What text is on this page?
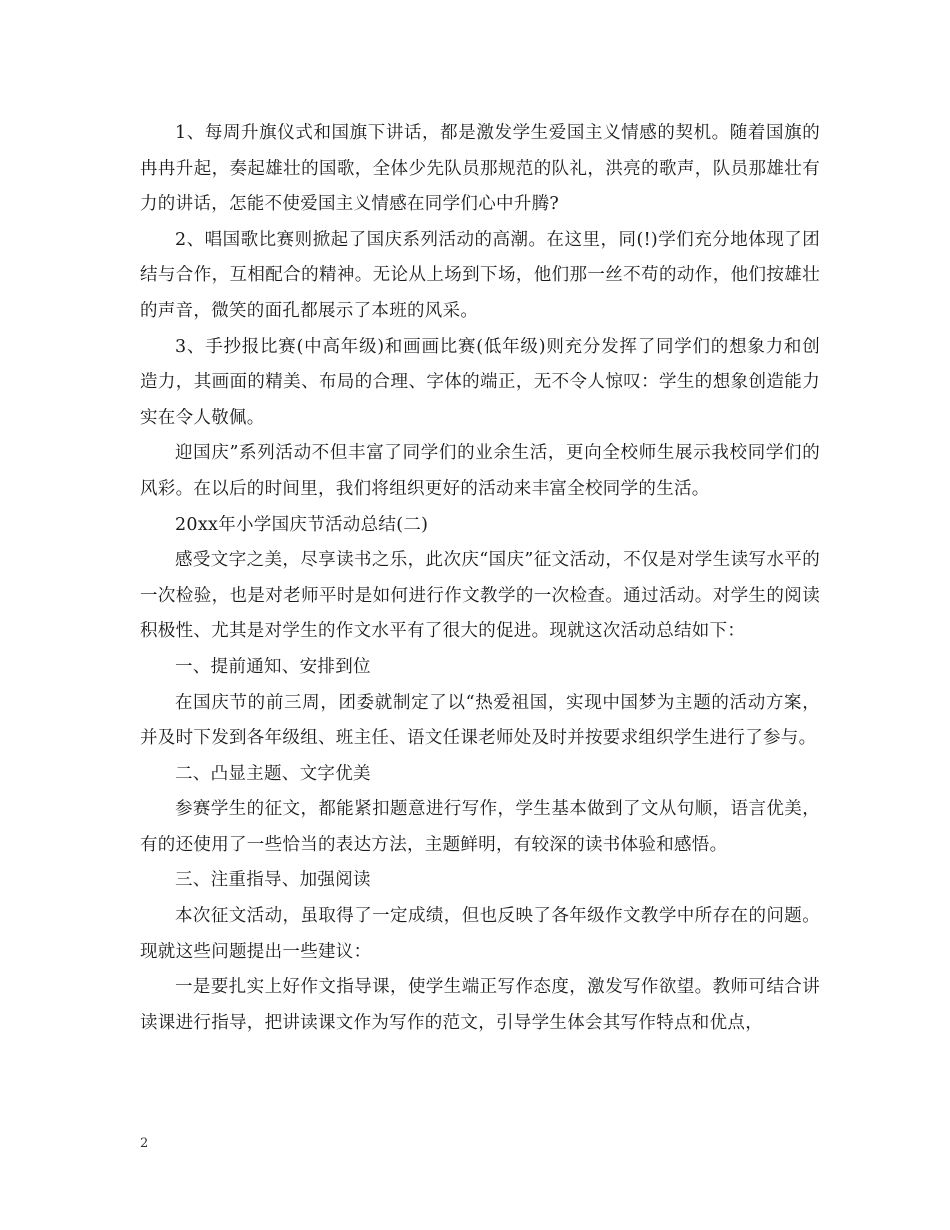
1、每周升旗仪式和国旗下讲话，都是激发学生爱国主义情感的契机。随着国旗的冉冉升起，奏起雄壮的国歌，全体少先队员那规范的队礼，洪亮的歌声，队员那雄壮有力的讲话，怎能不使爱国主义情感在同学们心中升腾?

2、唱国歌比赛则掀起了国庆系列活动的高潮。在这里，同(!)学们充分地体现了团结与合作，互相配合的精神。无论从上场到下场，他们那一丝不苟的动作，他们按雄壮的声音，微笑的面孔都展示了本班的风采。

3、手抄报比赛(中高年级)和画画比赛(低年级)则充分发挥了同学们的想象力和创造力，其画面的精美、布局的合理、字体的端正，无不令人惊叹：学生的想象创造能力实在令人敬佩。

迎国庆”系列活动不但丰富了同学们的业余生活，更向全校师生展示我校同学们的风彩。在以后的时间里，我们将组织更好的活动来丰富全校同学的生活。

20xx年小学国庆节活动总结(二)

感受文字之美，尽享读书之乐，此次庆“国庆”征文活动，不仅是对学生读写水平的一次检验，也是对老师平时是如何进行作文教学的一次检查。通过活动。对学生的阅读积极性、尤其是对学生的作文水平有了很大的促进。现就这次活动总结如下：

一、提前通知、安排到位

在国庆节的前三周，团委就制定了以“热爱祖国，实现中国梦为主题的活动方案，并及时下发到各年级组、班主任、语文任课老师处及时并按要求组织学生进行了参与。

二、凸显主题、文字优美

参赛学生的征文，都能紧扣题意进行写作，学生基本做到了文从句顺，语言优美，有的还使用了一些恰当的表达方法，主题鲜明，有较深的读书体验和感悟。

三、注重指导、加强阅读

本次征文活动，虽取得了一定成绩，但也反映了各年级作文教学中所存在的问题。现就这些问题提出一些建议：

一是要扎实上好作文指导课，使学生端正写作态度，激发写作欲望。教师可结合讲读课进行指导，把讲读课文作为写作的范文，引导学生体会其写作特点和优点，

2
